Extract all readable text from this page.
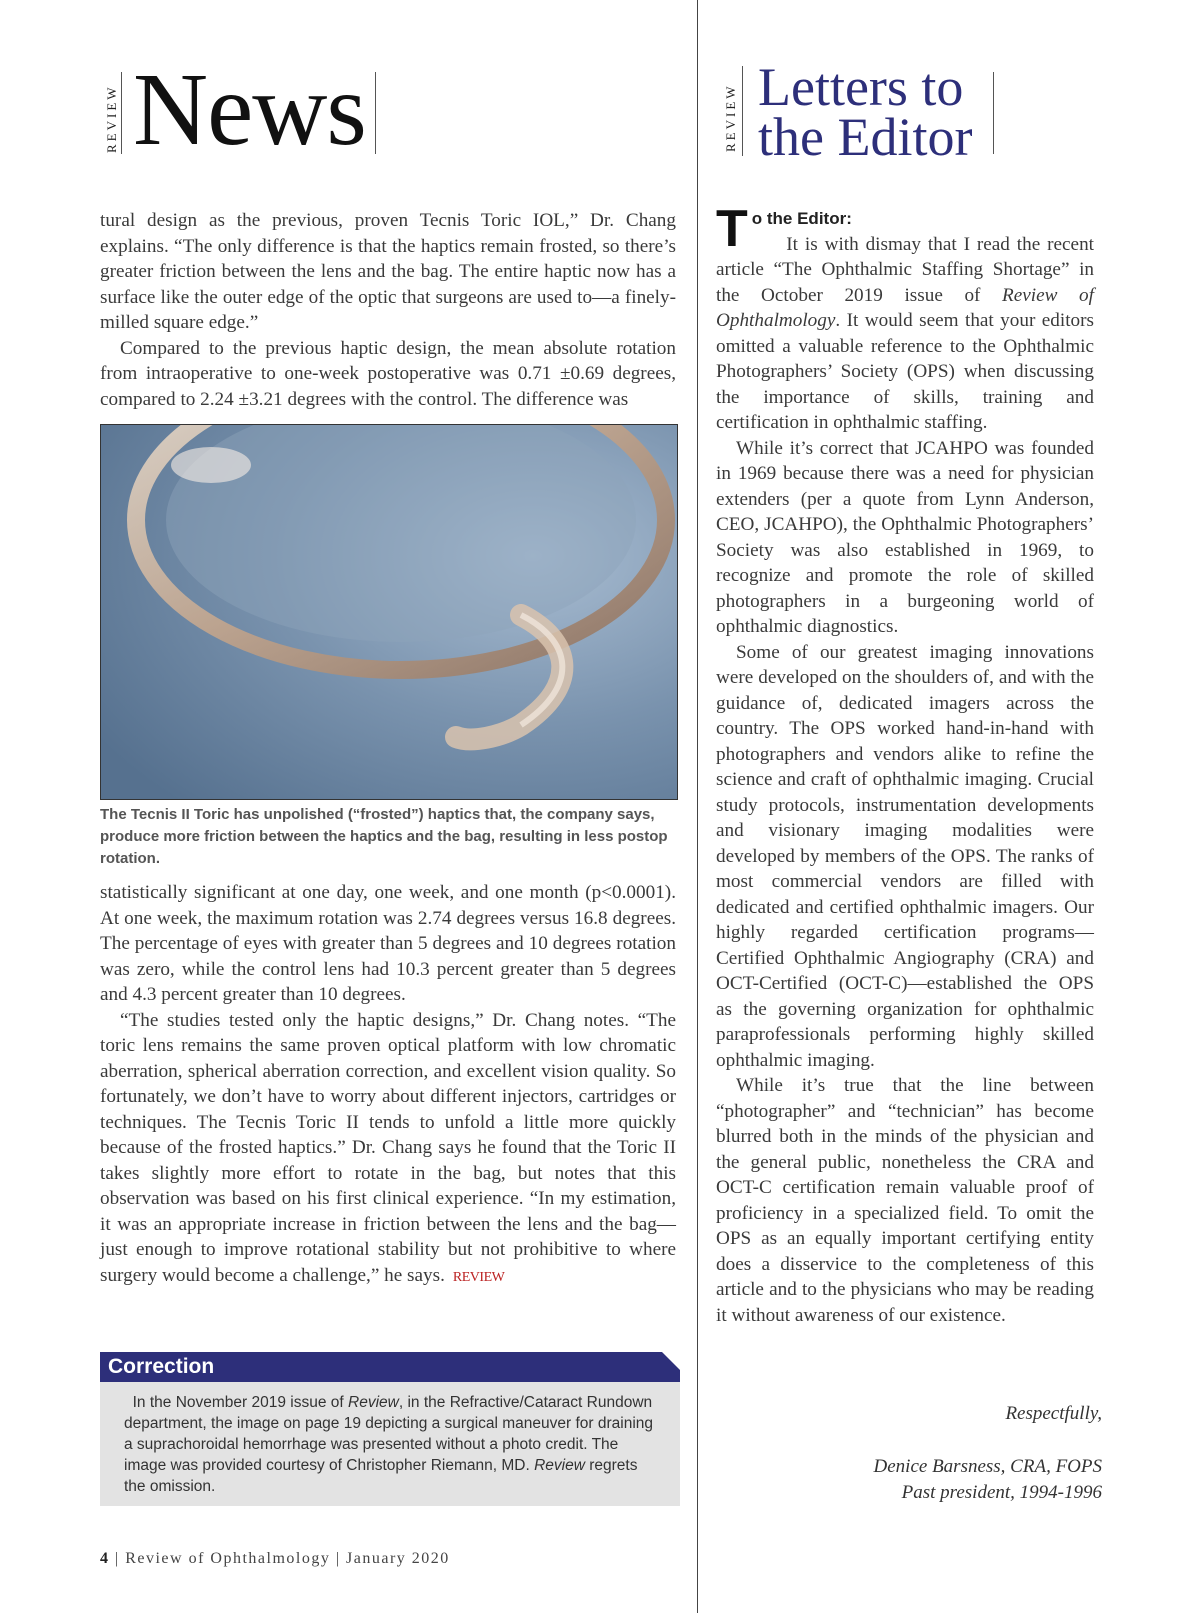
REVIEW News	REVIEW Letters to
the Editor

tural design as the previous, proven Tecnis Toric IOL,” Dr. Chang explains. “The only difference is that the haptics remain frosted, so there’s greater friction between the lens and the bag. The entire haptic now has a surface like the outer edge of the optic that surgeons are used to—a finely-milled square edge.”

Compared to the previous haptic design, the mean absolute rotation from intraoperative to one-week postoperative was 0.71 ±0.69 degrees, compared to 2.24 ±3.21 degrees with the control. The difference was

The Tecnis II Toric has unpolished (“frosted”) haptics that, the company says, produce more friction between the haptics and the bag, resulting in less postop rotation.

statistically significant at one day, one week, and one month (p<0.0001). At one week, the maximum rotation was 2.74 degrees versus 16.8 degrees. The percentage of eyes with greater than 5 degrees and 10 degrees rotation was zero, while the control lens had 10.3 percent greater than 5 degrees and 4.3 percent greater than 10 degrees.

“The studies tested only the haptic designs,” Dr. Chang notes. “The toric lens remains the same proven optical platform with low chromatic aberration, spherical aberration correction, and excellent vision quality. So fortunately, we don’t have to worry about different injectors, cartridges or techniques. The Tecnis Toric II tends to unfold a little more quickly because of the frosted haptics.” Dr. Chang says he found that the Toric II takes slightly more effort to rotate in the bag, but notes that this observation was based on his first clinical experience. “In my estimation, it was an appropriate increase in friction between the lens and the bag—just enough to improve rotational stability but not prohibitive to where surgery would become a challenge,” he says. REVIEW

Correction
In the November 2019 issue of Review, in the Refractive/Cataract Rundown department, the image on page 19 depicting a surgical maneuver for draining a suprachoroidal hemorrhage was presented without a photo credit. The image was provided courtesy of Christopher Riemann, MD. Review regrets the omission.
4 | Review of Ophthalmology | January 2020

To the Editor:
It is with dismay that I read the recent article “The Ophthalmic Staffing Shortage” in the October 2019 issue of Review of Ophthalmology. It would seem that your editors omitted a valuable reference to the Ophthalmic Photographers’ Society (OPS) when discussing the importance of skills, training and certification in ophthalmic staffing.

While it’s correct that JCAHPO was founded in 1969 because there was a need for physician extenders (per a quote from Lynn Anderson, CEO, JCAHPO), the Ophthalmic Photographers’ Society was also established in 1969, to recognize and promote the role of skilled photographers in a burgeoning world of ophthalmic diagnostics.

Some of our greatest imaging innovations were developed on the shoulders of, and with the guidance of, dedicated imagers across the country. The OPS worked hand-in-hand with photographers and vendors alike to refine the science and craft of ophthalmic imaging. Crucial study protocols, instrumentation developments and visionary imaging modalities were developed by members of the OPS. The ranks of most commercial vendors are filled with dedicated and certified ophthalmic imagers. Our highly regarded certification programs—Certified Ophthalmic Angiography (CRA) and OCT-Certified (OCT-C)—established the OPS as the governing organization for ophthalmic paraprofessionals performing highly skilled ophthalmic imaging.

While it’s true that the line between “photographer” and “technician” has become blurred both in the minds of the physician and the general public, nonetheless the CRA and OCT-C certification remain valuable proof of proficiency in a specialized field. To omit the OPS as an equally important certifying entity does a disservice to the completeness of this article and to the physicians who may be reading it without awareness of our existence.

Respectfully,
Denice Barsness, CRA, FOPS
Past president, 1994-1996
